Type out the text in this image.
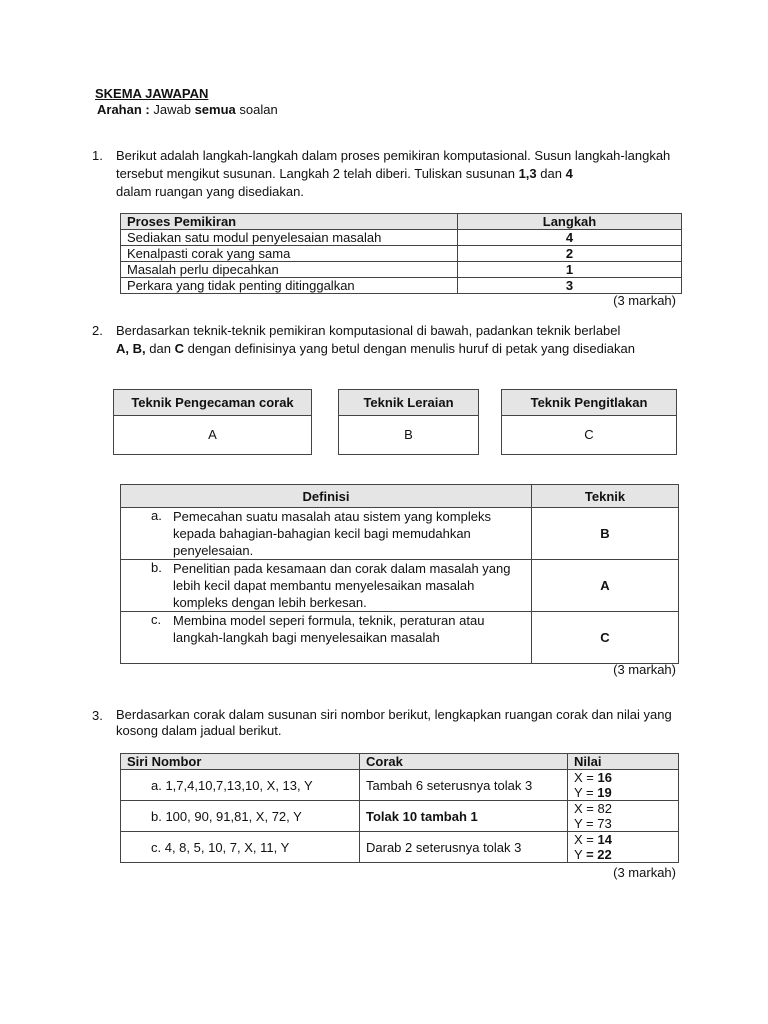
SKEMA JAWAPAN
Arahan : Jawab semua soalan
1. Berikut adalah langkah-langkah dalam proses pemikiran komputasional. Susun langkah-langkah tersebut mengikut susunan. Langkah 2 telah diberi. Tuliskan susunan 1,3 dan 4
dalam ruangan yang disediakan.
Proses Pemikiran	Langkah
Sediakan satu modul penyelesaian masalah	4
Kenalpasti corak yang sama	2
Masalah perlu dipecahkan	1
Perkara yang tidak penting ditinggalkan	3
(3 markah)
2. Berdasarkan teknik-teknik pemikiran komputasional di bawah, padankan teknik berlabel
A, B, dan C dengan definisinya yang betul dengan menulis huruf di petak yang disediakan
Teknik Pengecaman corak
A
Teknik Leraian
B
Teknik Pengitlakan
C
Definisi	Teknik

a. Pemecahan suatu masalah atau sistem yang kompleks kepada bahagian-bahagian kecil bagi memudahkan penyelesaian.	B

b. Penelitian pada kesamaan dan corak dalam masalah yang lebih kecil dapat membantu menyelesaikan masalah kompleks dengan lebih berkesan.	A

c. Membina model seperi formula, teknik, peraturan atau langkah-langkah bagi menyelesaikan masalah	C
(3 markah)
3. Berdasarkan corak dalam susunan siri nombor berikut, lengkapkan ruangan corak dan nilai yang kosong dalam jadual berikut.
Siri Nombor	Corak	Nilai
a. 1,7,4,10,7,13,10, X, 13, Y	Tambah 6 seterusnya tolak 3	X = 16
Y = 19
b. 100, 90, 91,81, X, 72, Y	Tolak 10 tambah 1	X = 82
Y = 73
c. 4, 8, 5, 10, 7, X, 11, Y	Darab 2 seterusnya tolak 3	X = 14
Y = 22
(3 markah)
